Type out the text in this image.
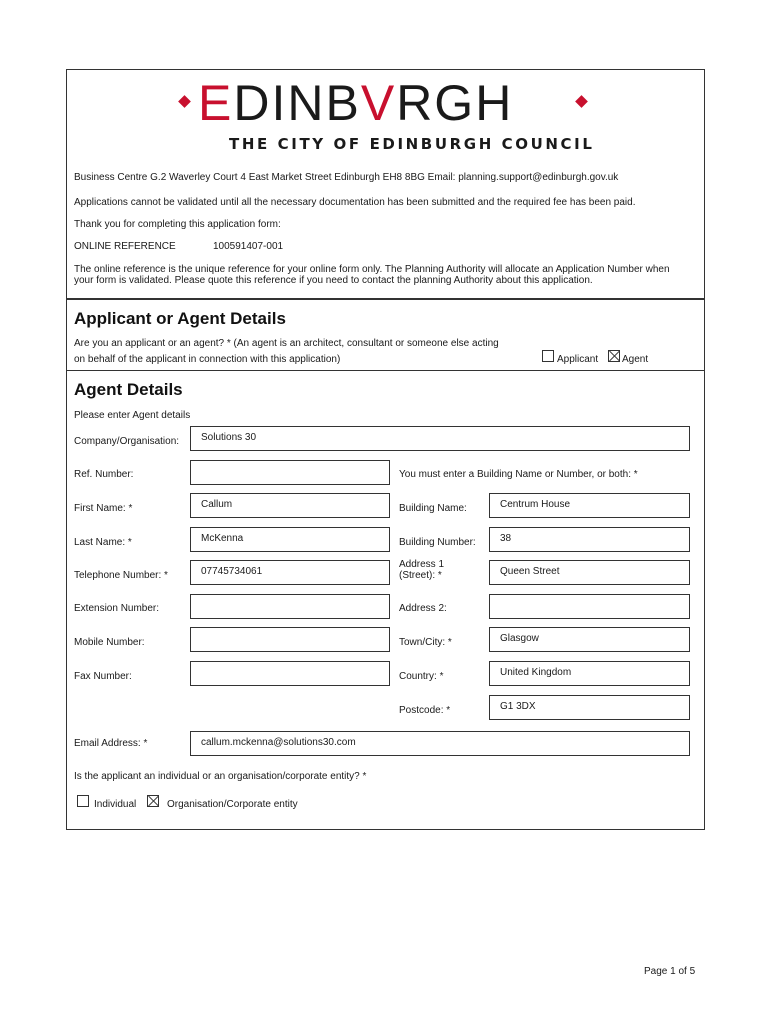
EDINBVRGH
THE CITY OF EDINBURGH COUNCIL
Business Centre G.2 Waverley Court 4 East Market Street Edinburgh EH8 8BG Email: planning.support@edinburgh.gov.uk
Applications cannot be validated until all the necessary documentation has been submitted and the required fee has been paid.
Thank you for completing this application form:
ONLINE REFERENCE	100591407-001
The online reference is the unique reference for your online form only. The Planning Authority will allocate an Application Number when
your form is validated. Please quote this reference if you need to contact the planning Authority about this application.
Applicant or Agent Details
Are you an applicant or an agent? * (An agent is an architect, consultant or someone else acting
on behalf of the applicant in connection with this application)	Applicant Agent
Agent Details
Please enter Agent details
Company/Organisation:	Solutions 30
Ref. Number:	You must enter a Building Name or Number, or both: *
First Name: *	Callum	Building Name:	Centrum House
Last Name: *	McKenna	Building Number:	38
Telephone Number: *	07745734061
Address 1
(Street): *	Queen Street
Extension Number:	Address 2:
Mobile Number:	Town/City: *	Glasgow
Fax Number:	Country: *	United Kingdom
Postcode: *	G1 3DX
Email Address: *	callum.mckenna@solutions30.com
Is the applicant an individual or an organisation/corporate entity? *
Individual	Organisation/Corporate entity
Page 1 of 5
